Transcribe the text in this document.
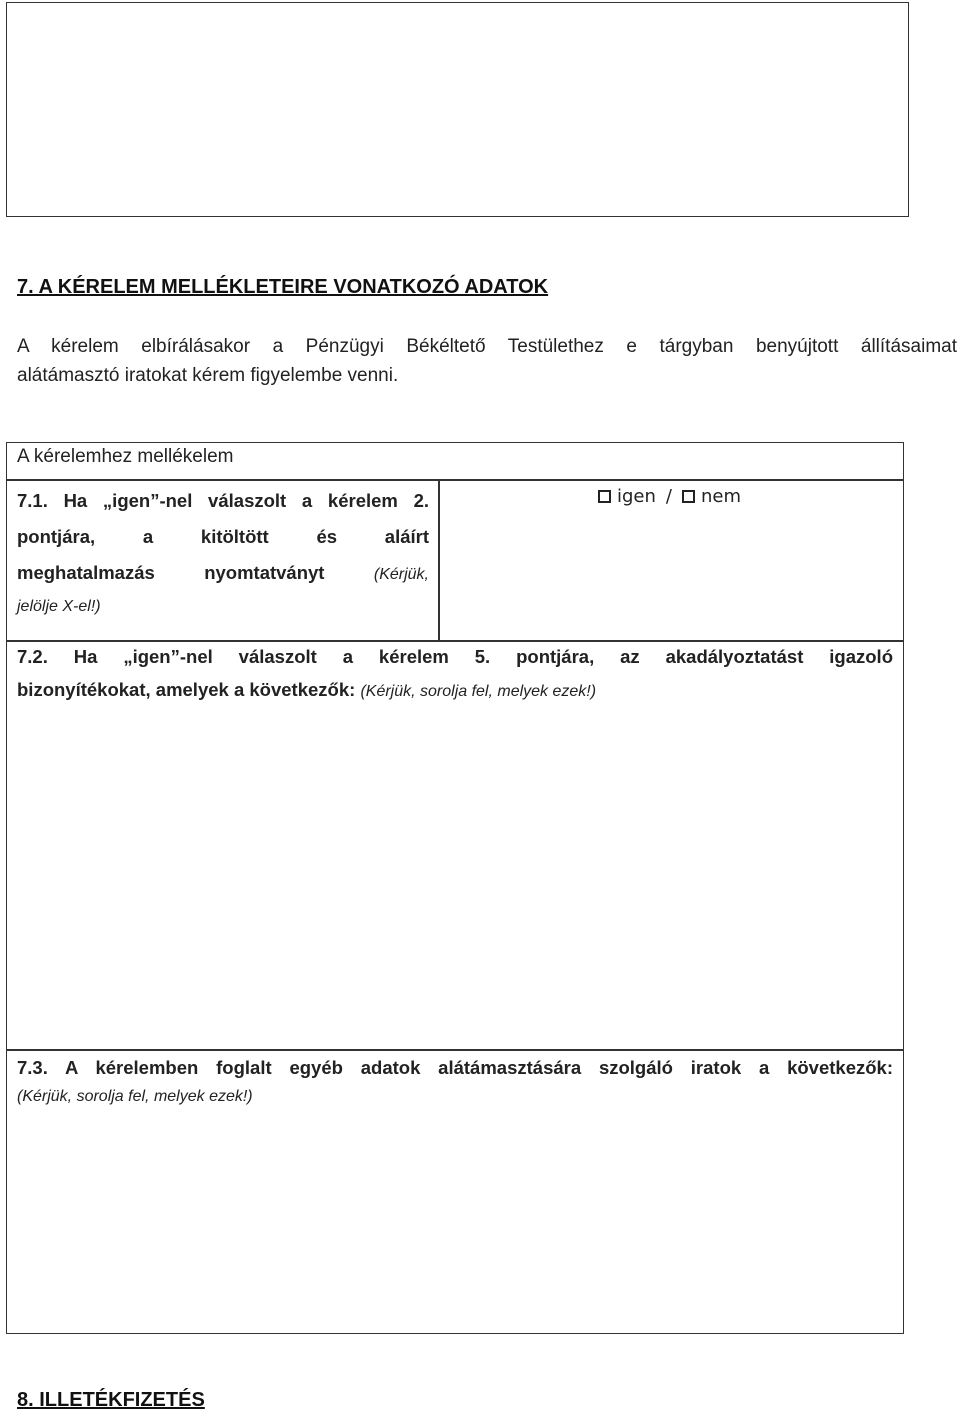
7. A KÉRELEM MELLÉKLETEIRE VONATKOZÓ ADATOK
A kérelem elbírálásakor a Pénzügyi Békéltető Testülethez e tárgyban benyújtott állításaimat
alátámasztó iratokat kérem figyelembe venni.
A kérelemhez mellékelem
7.1. Ha „igen”-nel válaszolt a kérelem 2.
pontjára, a kitöltött és aláírt
meghatalmazás nyomtatványt	(Kérjük,
jelölje X-el!)
igen / nem
7.2. Ha „igen”-nel válaszolt a kérelem 5. pontjára, az akadályoztatást igazoló
bizonyítékokat, amelyek a következők: (Kérjük, sorolja fel, melyek ezek!)
7.3. A kérelemben foglalt egyéb adatok alátámasztására szolgáló iratok a következők:
(Kérjük, sorolja fel, melyek ezek!)
8. ILLETÉKFIZETÉS
